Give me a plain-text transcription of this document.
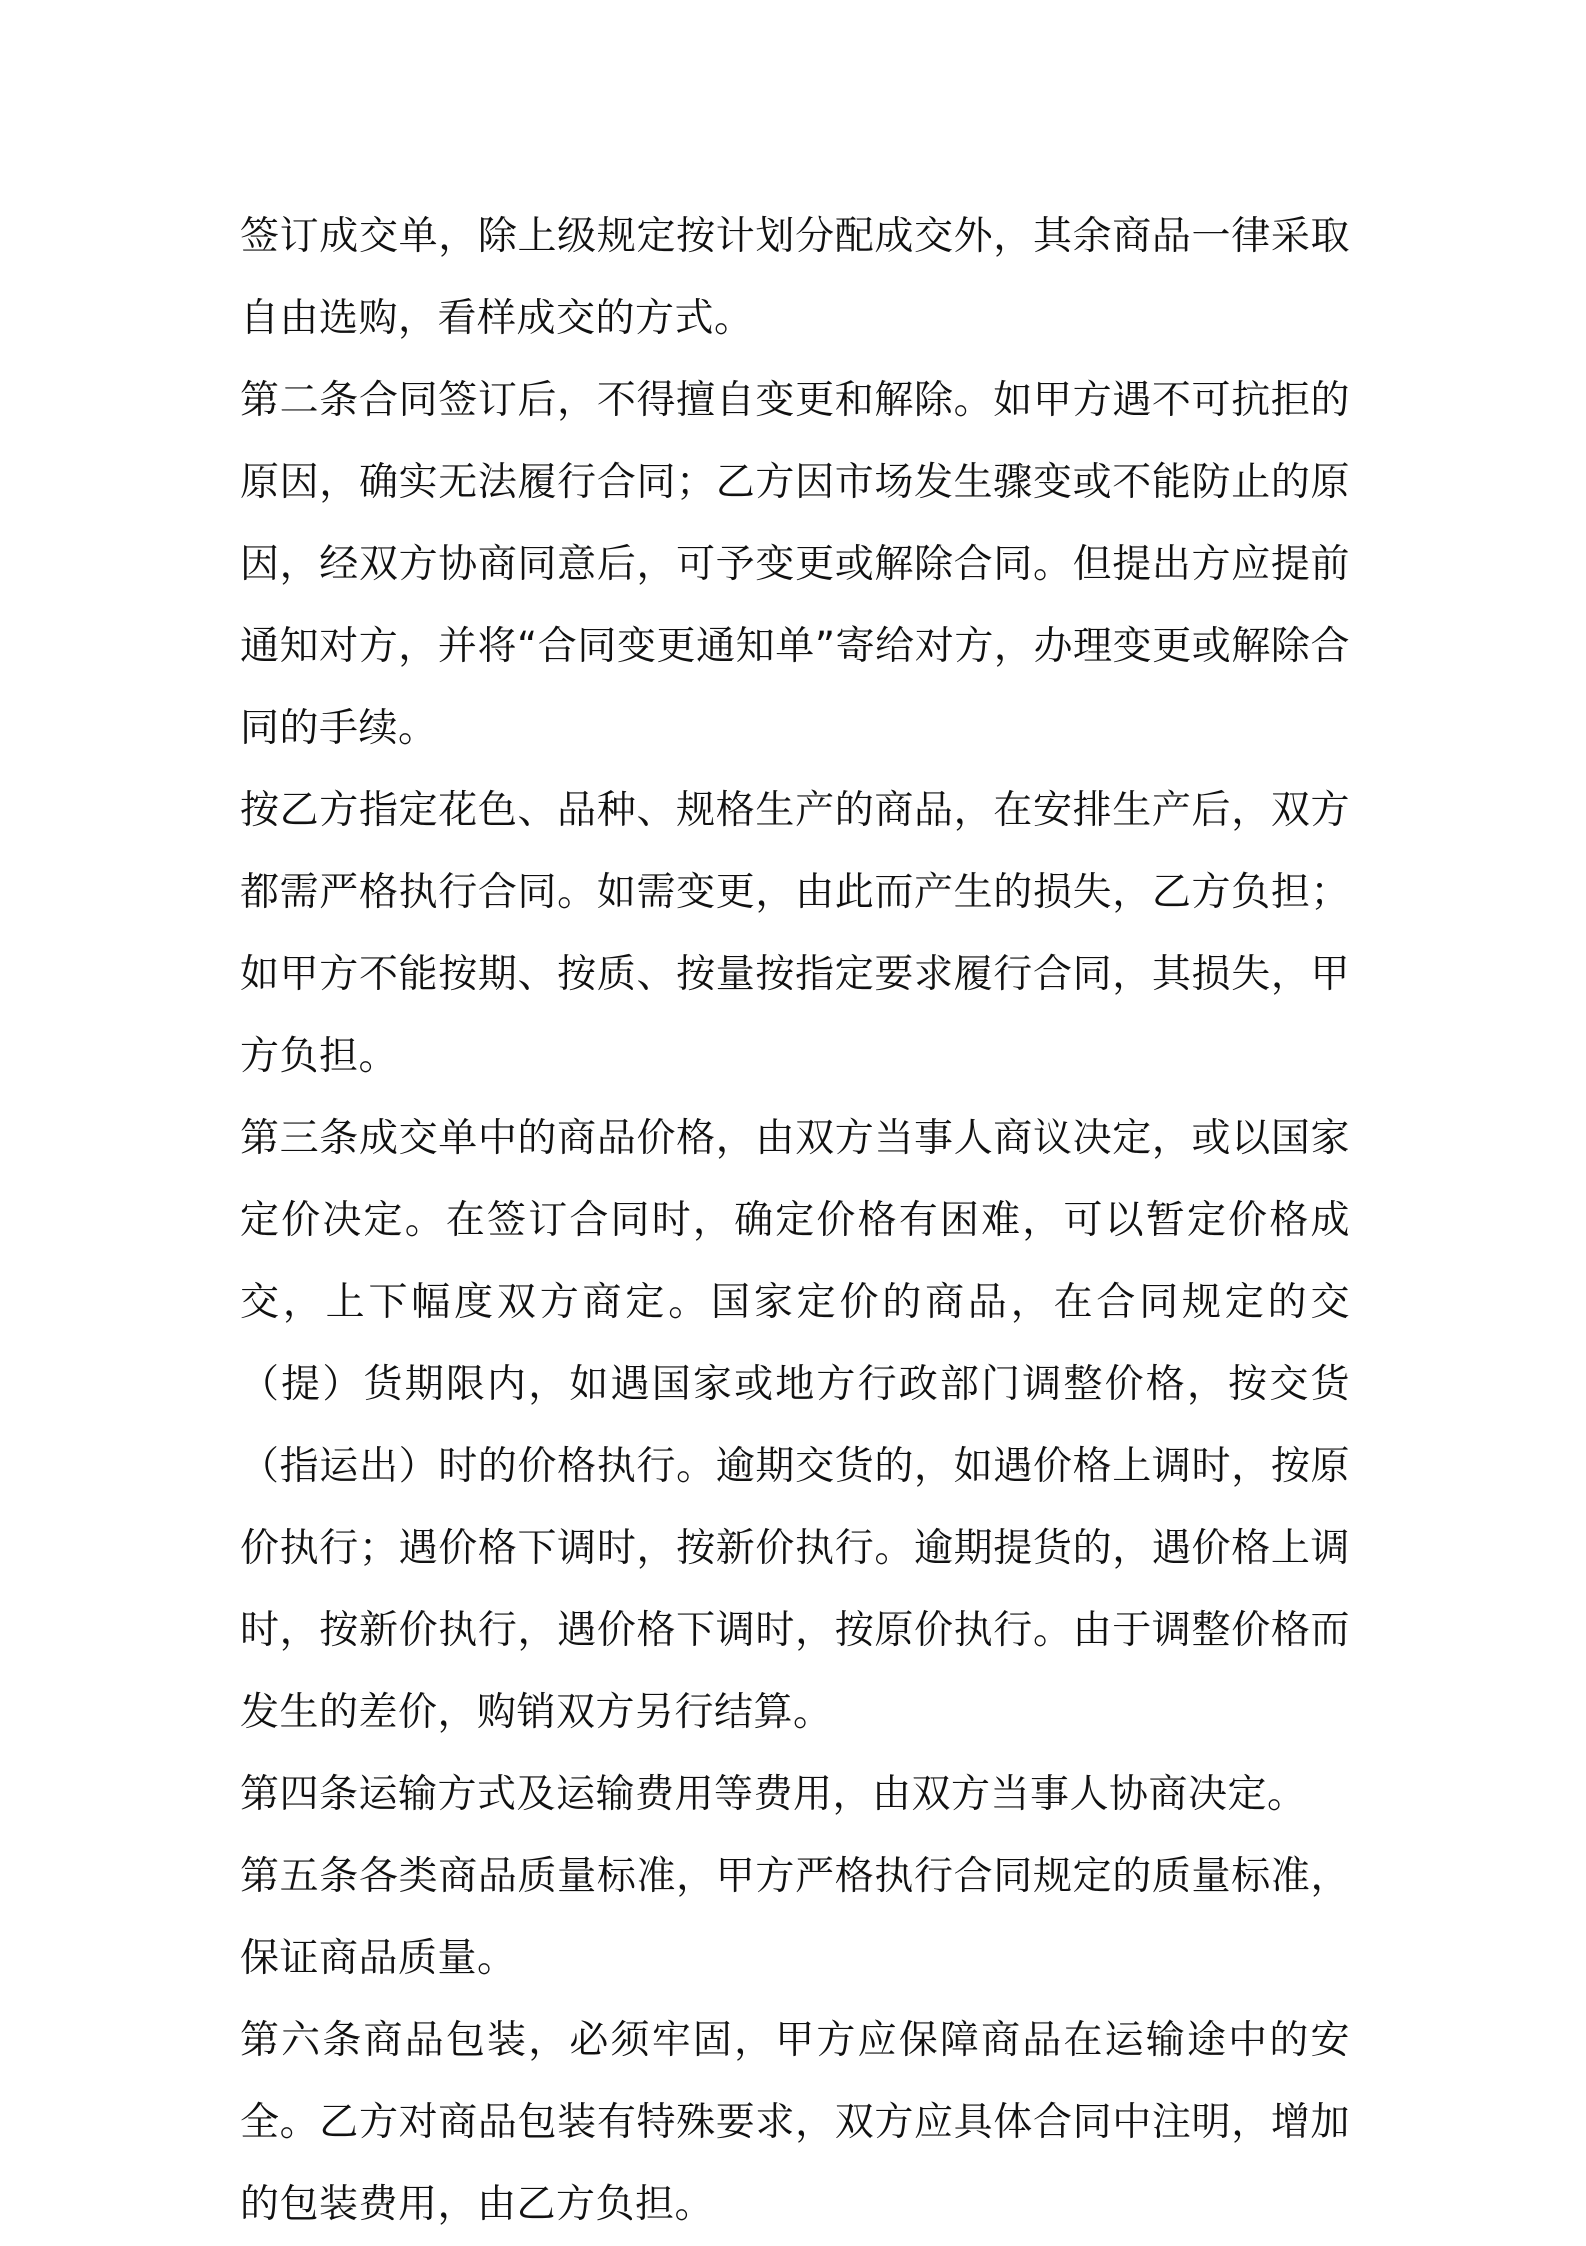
签订成交单，除上级规定按计划分配成交外，其余商品一律采取自由选购，看样成交的方式。

第二条合同签订后，不得擅自变更和解除。如甲方遇不可抗拒的原因，确实无法履行合同；乙方因市场发生骤变或不能防止的原因，经双方协商同意后，可予变更或解除合同。但提出方应提前通知对方，并将“合同变更通知单”寄给对方，办理变更或解除合同的手续。

按乙方指定花色、品种、规格生产的商品，在安排生产后，双方都需严格执行合同。如需变更，由此而产生的损失，乙方负担；如甲方不能按期、按质、按量按指定要求履行合同，其损失，甲方负担。

第三条成交单中的商品价格，由双方当事人商议决定，或以国家定价决定。在签订合同时，确定价格有困难，可以暂定价格成交，上下幅度双方商定。国家定价的商品，在合同规定的交（提）货期限内，如遇国家或地方行政部门调整价格，按交货（指运出）时的价格执行。逾期交货的，如遇价格上调时，按原价执行；遇价格下调时，按新价执行。逾期提货的，遇价格上调时，按新价执行，遇价格下调时，按原价执行。由于调整价格而发生的差价，购销双方另行结算。

第四条运输方式及运输费用等费用，由双方当事人协商决定。

第五条各类商品质量标准，甲方严格执行合同规定的质量标准，保证商品质量。

第六条商品包装，必须牢固，甲方应保障商品在运输途中的安全。乙方对商品包装有特殊要求，双方应具体合同中注明，增加的包装费用，由乙方负担。
